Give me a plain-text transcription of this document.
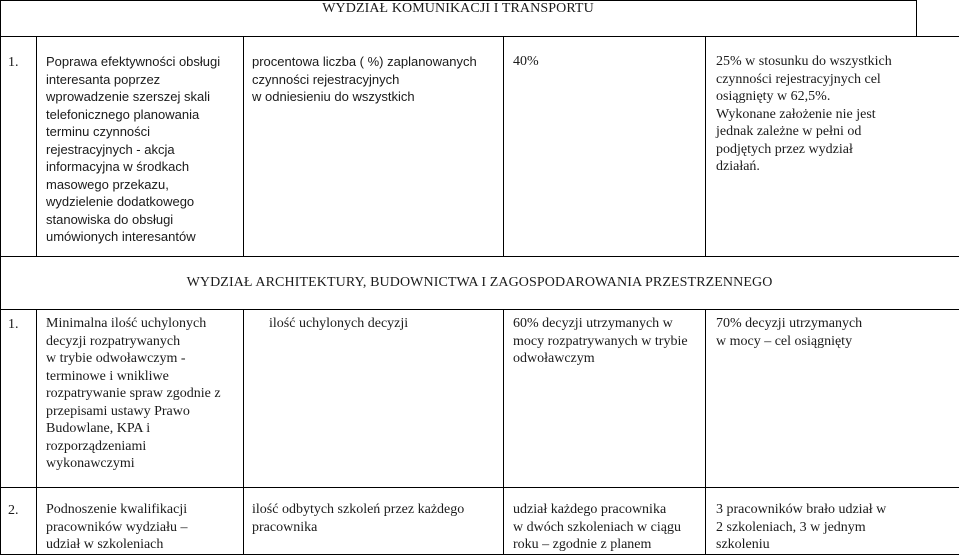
WYDZIAŁ KOMUNIKACJI I TRANSPORTU
1. Poprawa efektywności obsługi
interesanta poprzez
wprowadzenie szerszej skali
telefonicznego planowania
terminu czynności
rejestracyjnych - akcja
informacyjna w środkach
masowego przekazu,
wydzielenie dodatkowego
stanowiska do obsługi
umówionych interesantów
procentowa liczba ( %) zaplanowanych
czynności rejestracyjnych
w odniesieniu do wszystkich
40%	25% w stosunku do wszystkich
czynności rejestracyjnych cel
osiągnięty w 62,5%.
Wykonane założenie nie jest
jednak zależne w pełni od
podjętych przez wydział
działań.
WYDZIAŁ ARCHITEKTURY, BUDOWNICTWA I ZAGOSPODAROWANIA PRZESTRZENNEGO
1. Minimalna ilość uchylonych
decyzji rozpatrywanych
w trybie odwoławczym -
terminowe i wnikliwe
rozpatrywanie spraw zgodnie z
przepisami ustawy Prawo
Budowlane, KPA i
rozporządzeniami
wykonawczymi
ilość uchylonych decyzji	60% decyzji utrzymanych w
mocy rozpatrywanych w trybie
odwoławczym
70% decyzji utrzymanych
w mocy – cel osiągnięty
2. Podnoszenie kwalifikacji
pracowników wydziału –
udział w szkoleniach
ilość odbytych szkoleń przez każdego
pracownika
udział każdego pracownika
w dwóch szkoleniach w ciągu
roku – zgodnie z planem
3 pracowników brało udział w
2 szkoleniach, 3 w jednym
szkoleniu
